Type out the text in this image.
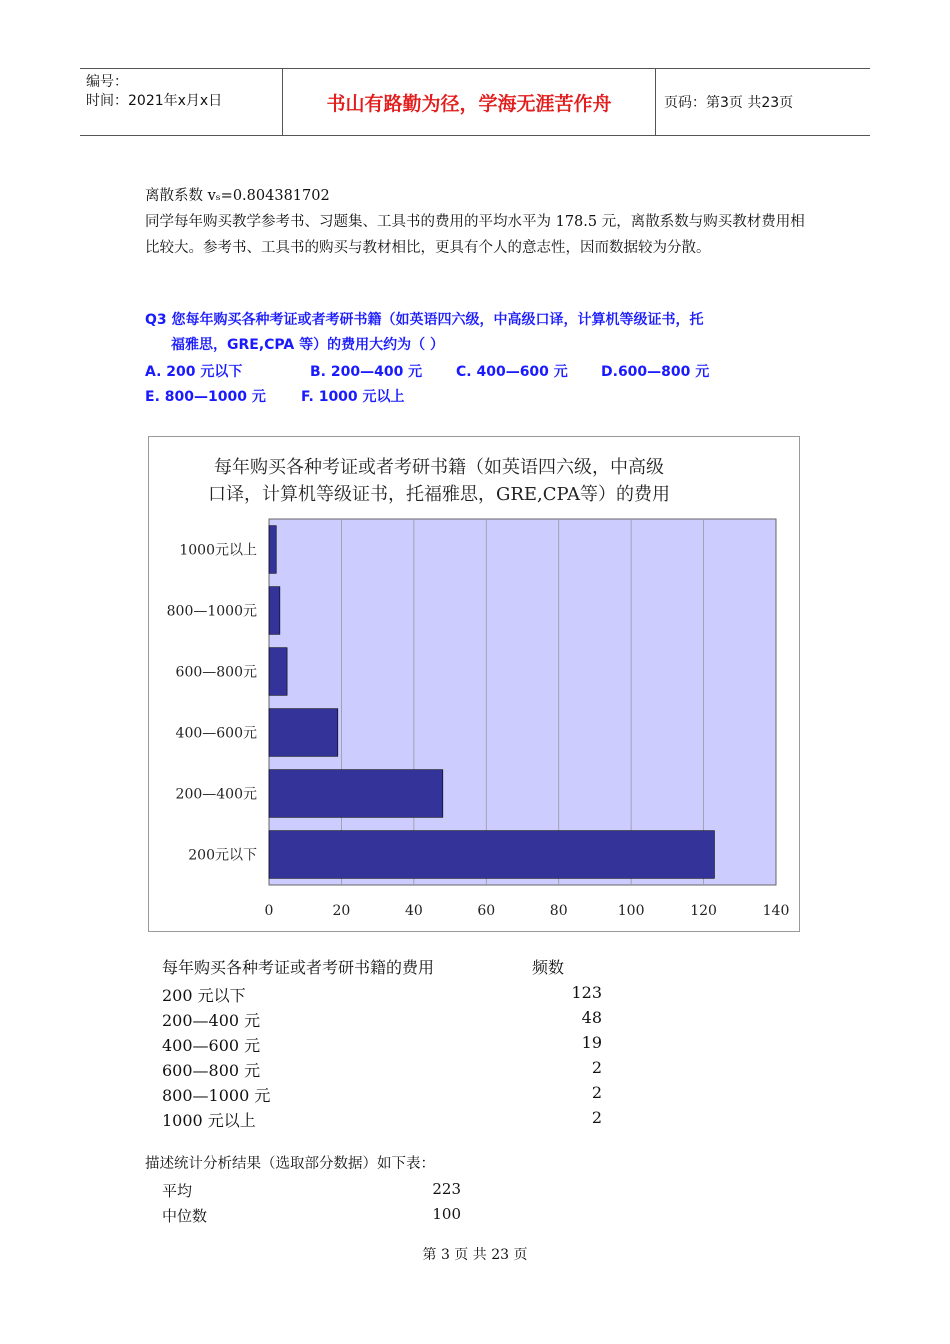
编号：
时间：2021年x月x日	书山有路勤为径，学海无涯苦作舟	页码：第3页 共23页
离散系数 vₛ=0.804381702
同学每年购买教学参考书、习题集、工具书的费用的平均水平为 178.5 元，离散系数与购买教材费用相比较大。参考书、工具书的购买与教材相比，更具有个人的意志性，因而数据较为分散。
Q3 您每年购买各种考证或者考研书籍（如英语四六级，中高级口译，计算机等级证书，托
福雅思，GRE,CPA 等）的费用大约为（ ）
A. 200 元以下	B. 200—400 元 C. 400—600 元 D.600—800 元
E. 800—1000 元	F. 1000 元以上
每年购买各种考证或者考研书籍（如英语四六级，中高级
口译，计算机等级证书，托福雅思，GRE,CPA等）的费用
1000元以上
800—1000元
600—800元
400—600元
200—400元
200元以下
0	20	40	60	80	100	120	140
每年购买各种考证或者考研书籍的费用	频数
200 元以下	123
200—400 元	48
400—600 元	19
600—800 元	2
800—1000 元	2
1000 元以上	2
描述统计分析结果（选取部分数据）如下表：
平均	223
中位数	100
第 3 页 共 23 页
